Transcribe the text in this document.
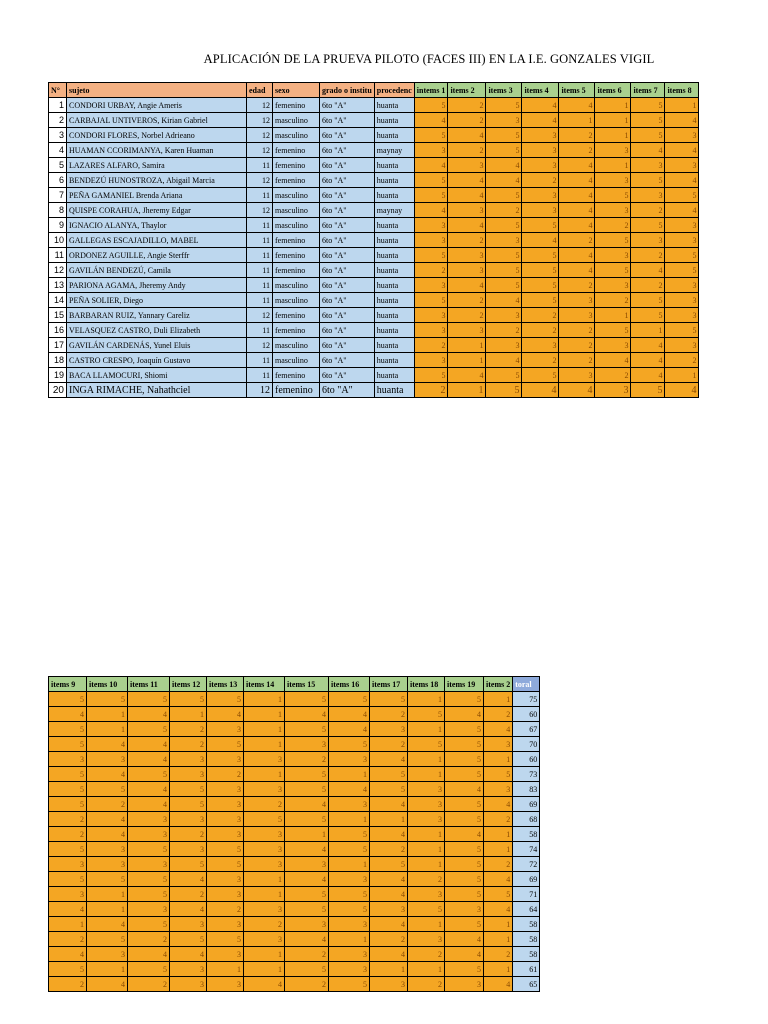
APLICACIÓN DE LA PRUEVA PILOTO (FACES III) EN LA I.E. GONZALES VIGIL
N°	sujeto	edad	sexo	grado o institu	procedenc	intems 1	items 2	items 3	items 4	items 5	items 6	items 7	items 8
1	CONDORI URBAY, Angie Ameris	12	femenino	6to "A"	huanta	5	2	5	4	4	1	5	1
2	CARBAJAL UNTIVEROS, Kirian Gabriel	12	masculino	6to "A"	huanta	4	2	3	4	1	1	5	4
3	CONDORI FLORES, Norbel Adrieano	12	masculino	6to "A"	huanta	5	4	5	3	2	1	5	3
4	HUAMAN CCORIMANYA, Karen Huaman	12	femenino	6to "A"	maynay	3	2	5	3	2	3	4	4
5	LAZARES ALFARO, Samira	11	femenino	6to "A"	huanta	4	3	4	3	4	1	3	3
6	BENDEZÚ HUNOSTROZA, Abigail Marcia	12	femenino	6to "A"	huanta	5	4	4	2	4	3	5	4
7	PEÑA GAMANIEL Brenda Ariana	11	masculino	6to "A"	huanta	5	4	5	3	4	5	3	5
8	QUISPE CORAHUA, Jheremy Edgar	12	masculino	6to "A"	maynay	4	3	2	3	4	3	2	4
9	IGNACIO ALANYA, Thaylor	11	masculino	6to "A"	huanta	3	4	5	5	4	2	5	3
10	GALLEGAS ESCAJADILLO, MABEL	11	femenino	6to "A"	huanta	3	2	3	4	2	5	3	3
11	ORDONEZ AGUILLE, Angie Sterffr	11	femenino	6to "A"	huanta	5	3	5	5	4	3	2	5
12	GAVILÁN BENDEZÚ, Camila	11	femenino	6to "A"	huanta	2	3	5	5	4	5	4	5
13	PARIONA AGAMA, Jheremy Andy	11	masculino	6to "A"	huanta	3	4	5	5	2	3	2	3
14	PEÑA SOLIER, Diego	11	masculino	6to "A"	huanta	5	2	4	5	3	2	5	3
15	BARBARAN RUIZ, Yannary Careliz	12	femenino	6to "A"	huanta	3	2	3	2	3	1	5	3
16	VELASQUEZ CASTRO, Duli Elizabeth	11	femenino	6to "A"	huanta	3	3	2	2	2	5	1	5
17	GAVILÁN CARDENÁS, Yunel Eluis	12	masculino	6to "A"	huanta	2	1	3	3	2	3	4	3
18	CASTRO CRESPO, Joaquín Gustavo	11	masculino	6to "A"	huanta	3	1	4	2	2	4	4	2
19	BACA LLAMOCURI, Shiomi	11	femenino	6to "A"	huanta	5	4	5	5	3	2	4	1
20	INGA RIMACHE, Nahathciel	12	femenino	6to "A"	huanta	2	1	5	4	4	3	5	4
items 9	items 10	items 11	items 12	items 13	items 14	items 15	items 16	items 17	items 18	items 19	items 2	toral
5	5	5	5	5	1	5	5	5	1	5	1	75
4	1	4	1	4	1	4	4	2	5	4	2	60
5	1	5	2	3	1	5	4	3	1	5	4	67
5	4	4	2	5	1	3	5	2	5	5	3	70
3	3	4	3	3	3	2	3	4	1	5	1	60
5	4	5	3	2	1	5	1	5	1	5	5	73
5	5	4	5	3	3	5	4	5	3	4	3	83
5	2	4	5	3	2	4	3	4	3	5	4	69
2	4	3	3	3	5	5	1	1	3	5	2	68
2	4	3	2	3	3	1	5	4	1	4	1	58
5	3	5	3	5	3	4	5	2	1	5	1	74
3	3	3	5	5	3	3	1	5	1	5	2	72
5	5	5	4	3	1	4	3	4	2	5	4	69
3	1	5	2	3	1	5	5	4	3	5	5	71
4	1	3	4	2	3	5	5	3	5	3	4	64
1	4	5	3	3	2	3	3	4	1	5	1	58
2	5	2	5	5	3	4	1	2	3	4	1	58
4	3	4	4	3	1	2	3	4	2	4	2	58
5	1	5	3	1	1	5	3	1	1	5	1	61
2	4	2	3	3	4	2	5	3	2	3	4	65
